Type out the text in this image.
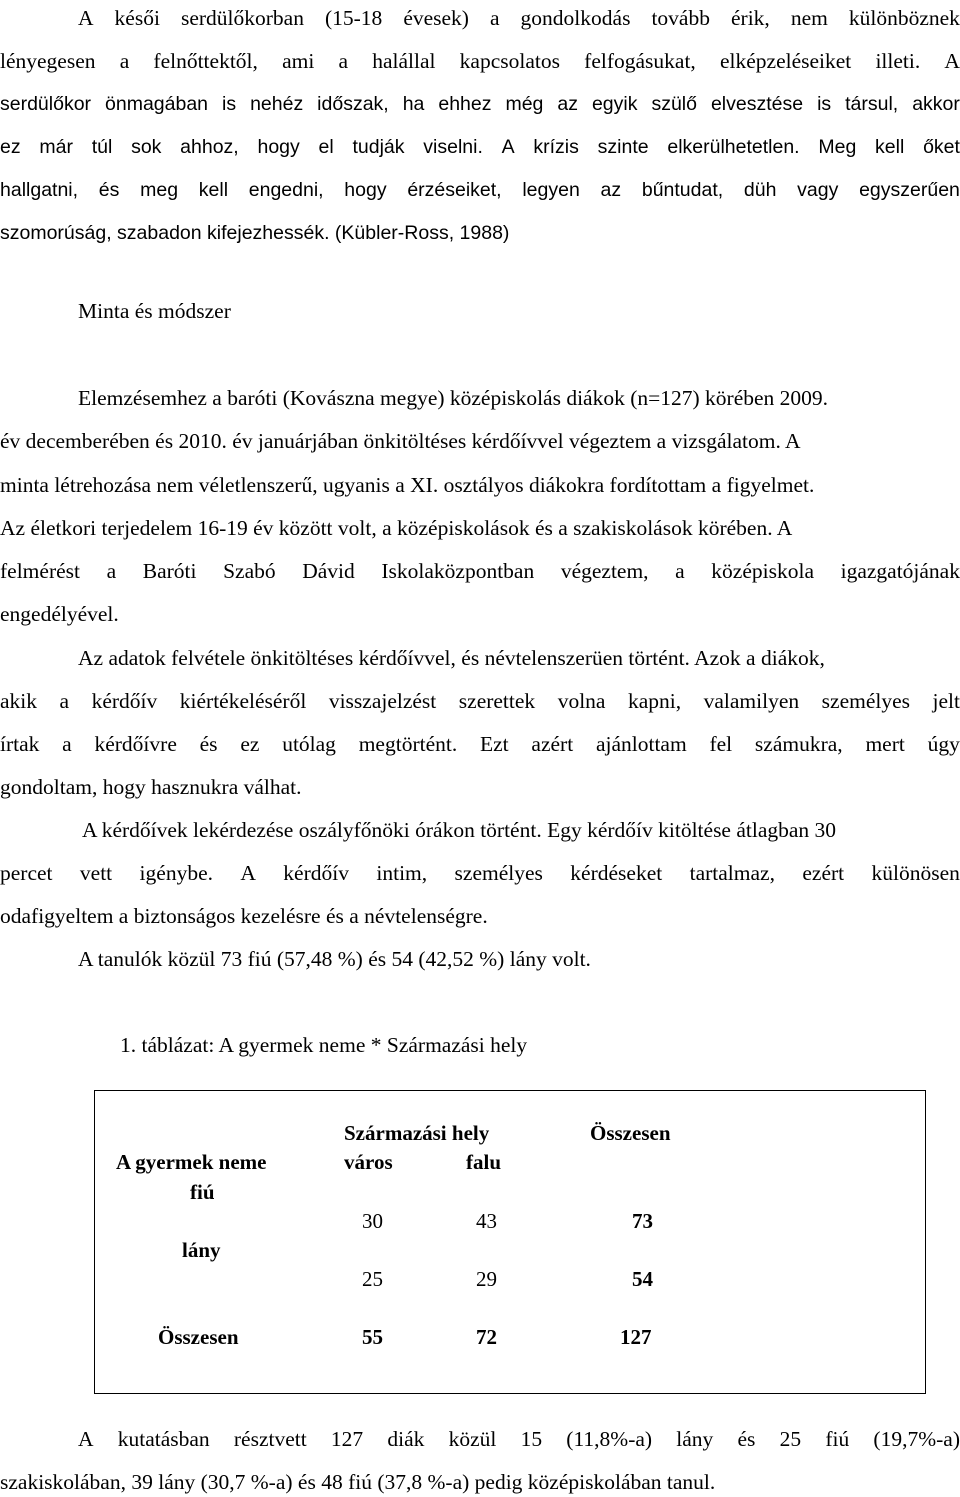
A késői serdülőkorban (15-18 évesek) a gondolkodás tovább érik, nem különböznek
lényegesen a felnőttektől, ami a halállal kapcsolatos felfogásukat, elképzeléseiket illeti. A
serdülőkor önmagában is nehéz időszak, ha ehhez még az egyik szülő elvesztése is társul, akkor
ez már túl sok ahhoz, hogy el tudják viselni. A krízis szinte elkerülhetetlen. Meg kell őket
hallgatni, és meg kell engedni, hogy érzéseiket, legyen az bűntudat, düh vagy egyszerűen
szomorúság, szabadon kifejezhessék. (Kübler-Ross, 1988)
Minta és módszer
Elemzésemhez a baróti (Kovászna megye) középiskolás diákok (n=127) körében 2009.
év decemberében és 2010. év januárjában önkitöltéses kérdőívvel végeztem a vizsgálatom. A
minta létrehozása nem véletlenszerű, ugyanis a XI. osztályos diákokra fordítottam a figyelmet.
Az életkori terjedelem 16-19 év között volt, a középiskolások és a szakiskolások körében. A
felmérést a Baróti Szabó Dávid Iskolaközpontban végeztem, a középiskola igazgatójának
engedélyével.
Az adatok felvétele önkitöltéses kérdőívvel, és névtelenszerüen történt. Azok a diákok,
akik a kérdőív kiértékeléséről visszajelzést szerettek volna kapni, valamilyen személyes jelt
írtak a kérdőívre és ez utólag megtörtént. Ezt azért ajánlottam fel számukra, mert úgy
gondoltam, hogy hasznukra válhat.
A kérdőívek lekérdezése oszályfőnöki órákon történt. Egy kérdőív kitöltése átlagban 30
percet vett igénybe. A kérdőív intim, személyes kérdéseket tartalmaz, ezért különösen
odafigyeltem a biztonságos kezelésre és a névtelenségre.
A tanulók közül 73 fiú (57,48 %) és 54 (42,52 %) lány volt.
1. táblázat: A gyermek neme * Származási hely
Származási hely	Összesen
A gyermek neme	város	falu
fiú
30	43	73
lány
25	29	54
Összesen	55	72	127
A kutatásban résztvett 127 diák közül 15 (11,8%-a) lány és 25 fiú (19,7%-a)
szakiskolában, 39 lány (30,7 %-a) és 48 fiú (37,8 %-a) pedig középiskolában tanul.
